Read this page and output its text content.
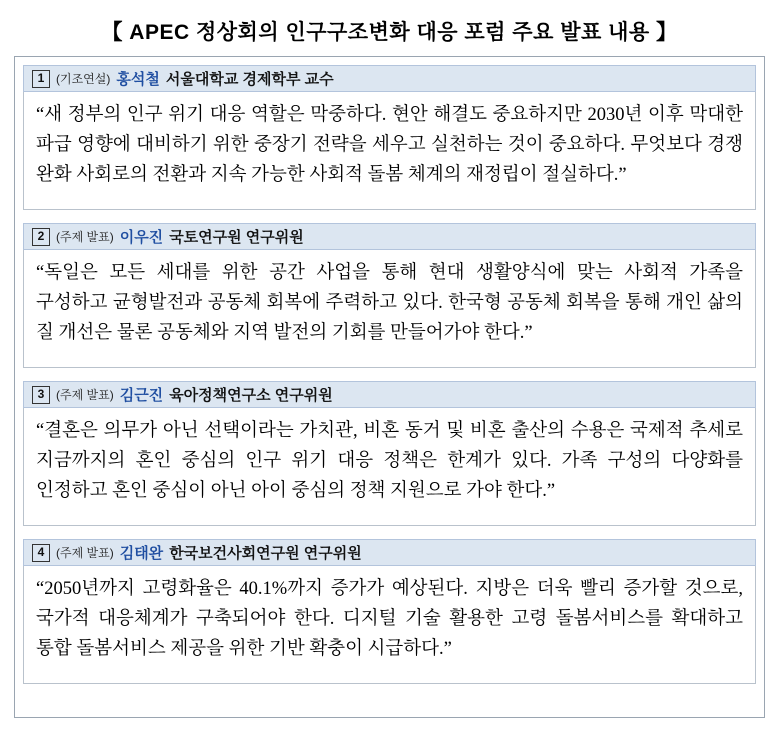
【 APEC 정상회의 인구구조변화 대응 포럼 주요 발표 내용 】
1 (기조연설) 홍석철 서울대학교 경제학부 교수

“새 정부의 인구 위기 대응 역할은 막중하다. 현안 해결도 중요하지만 2030년 이후 막대한 파급 영향에 대비하기 위한 중장기 전략을 세우고 실천하는 것이 중요하다. 무엇보다 경쟁 완화 사회로의 전환과 지속 가능한 사회적 돌봄 체계의 재정립이 절실하다.”

2 (주제 발표) 이우진 국토연구원 연구위원

“독일은 모든 세대를 위한 공간 사업을 통해 현대 생활양식에 맞는 사회적 가족을 구성하고 균형발전과 공동체 회복에 주력하고 있다. 한국형 공동체 회복을 통해 개인 삶의 질 개선은 물론 공동체와 지역 발전의 기회를 만들어가야 한다.”

3 (주제 발표) 김근진 육아정책연구소 연구위원

“결혼은 의무가 아닌 선택이라는 가치관, 비혼 동거 및 비혼 출산의 수용은 국제적 추세로 지금까지의 혼인 중심의 인구 위기 대응 정책은 한계가 있다. 가족 구성의 다양화를 인정하고 혼인 중심이 아닌 아이 중심의 정책 지원으로 가야 한다.”

4 (주제 발표) 김태완 한국보건사회연구원 연구위원

“2050년까지 고령화율은 40.1%까지 증가가 예상된다. 지방은 더욱 빨리 증가할 것으로, 국가적 대응체계가 구축되어야 한다. 디지털 기술 활용한 고령 돌봄서비스를 확대하고 통합 돌봄서비스 제공을 위한 기반 확충이 시급하다.”
